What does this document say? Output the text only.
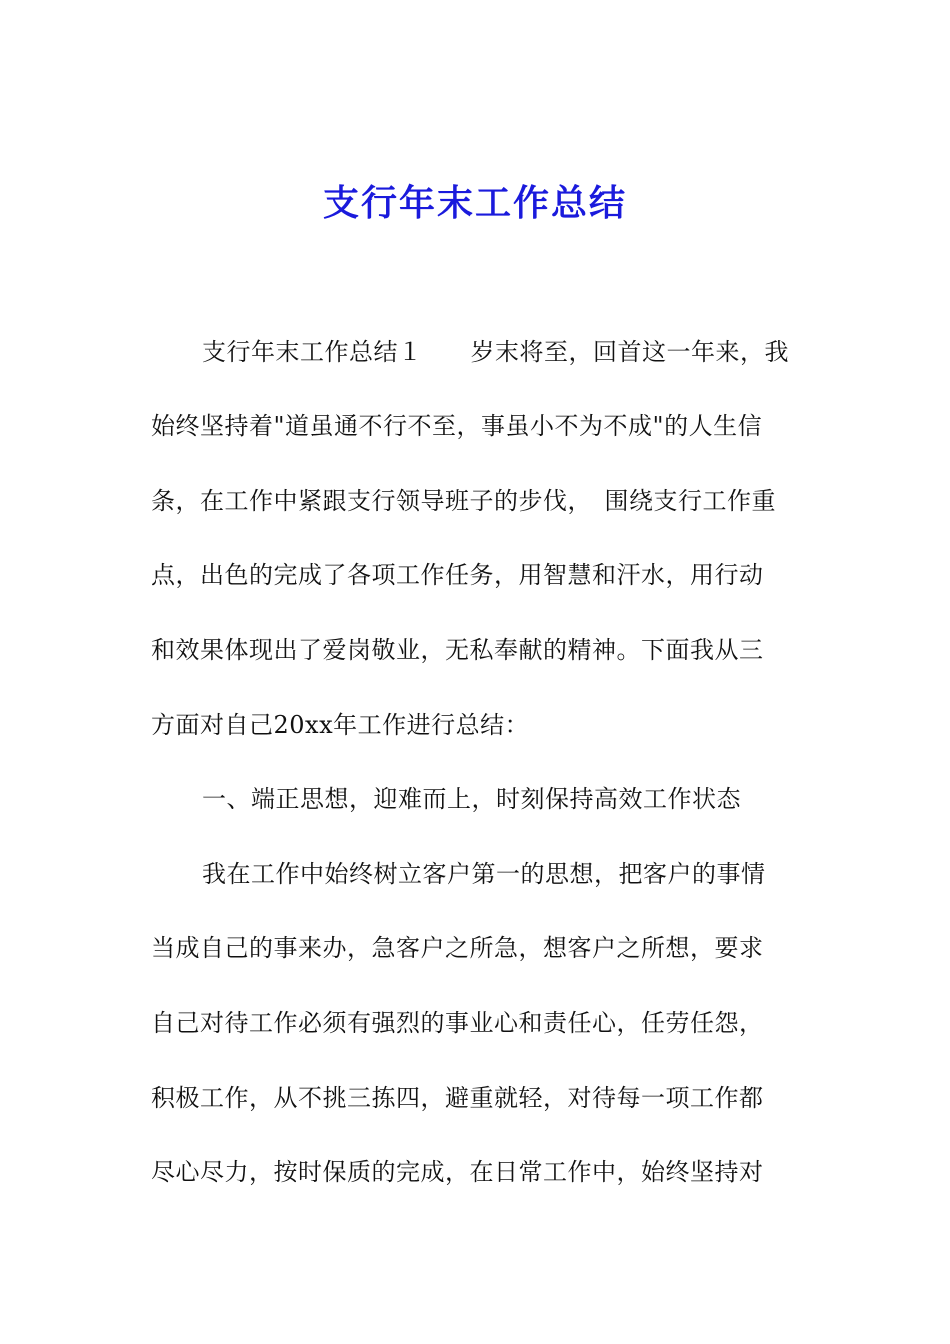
支行年末工作总结
支行年末工作总结１ 岁末将至，回首这一年来，我
始终坚持着"道虽通不行不至，事虽小不为不成"的人生信
条，在工作中紧跟支行领导班子的步伐，　围绕支行工作重
点，出色的完成了各项工作任务，用智慧和汗水，用行动
和效果体现出了爱岗敬业，无私奉献的精神。下面我从三
方面对自己20xx年工作进行总结：
一、端正思想，迎难而上，时刻保持高效工作状态
我在工作中始终树立客户第一的思想，把客户的事情
当成自己的事来办，急客户之所急，想客户之所想，要求
自己对待工作必须有强烈的事业心和责任心，任劳任怨，
积极工作，从不挑三拣四，避重就轻，对待每一项工作都
尽心尽力，按时保质的完成，在日常工作中，始终坚持对
